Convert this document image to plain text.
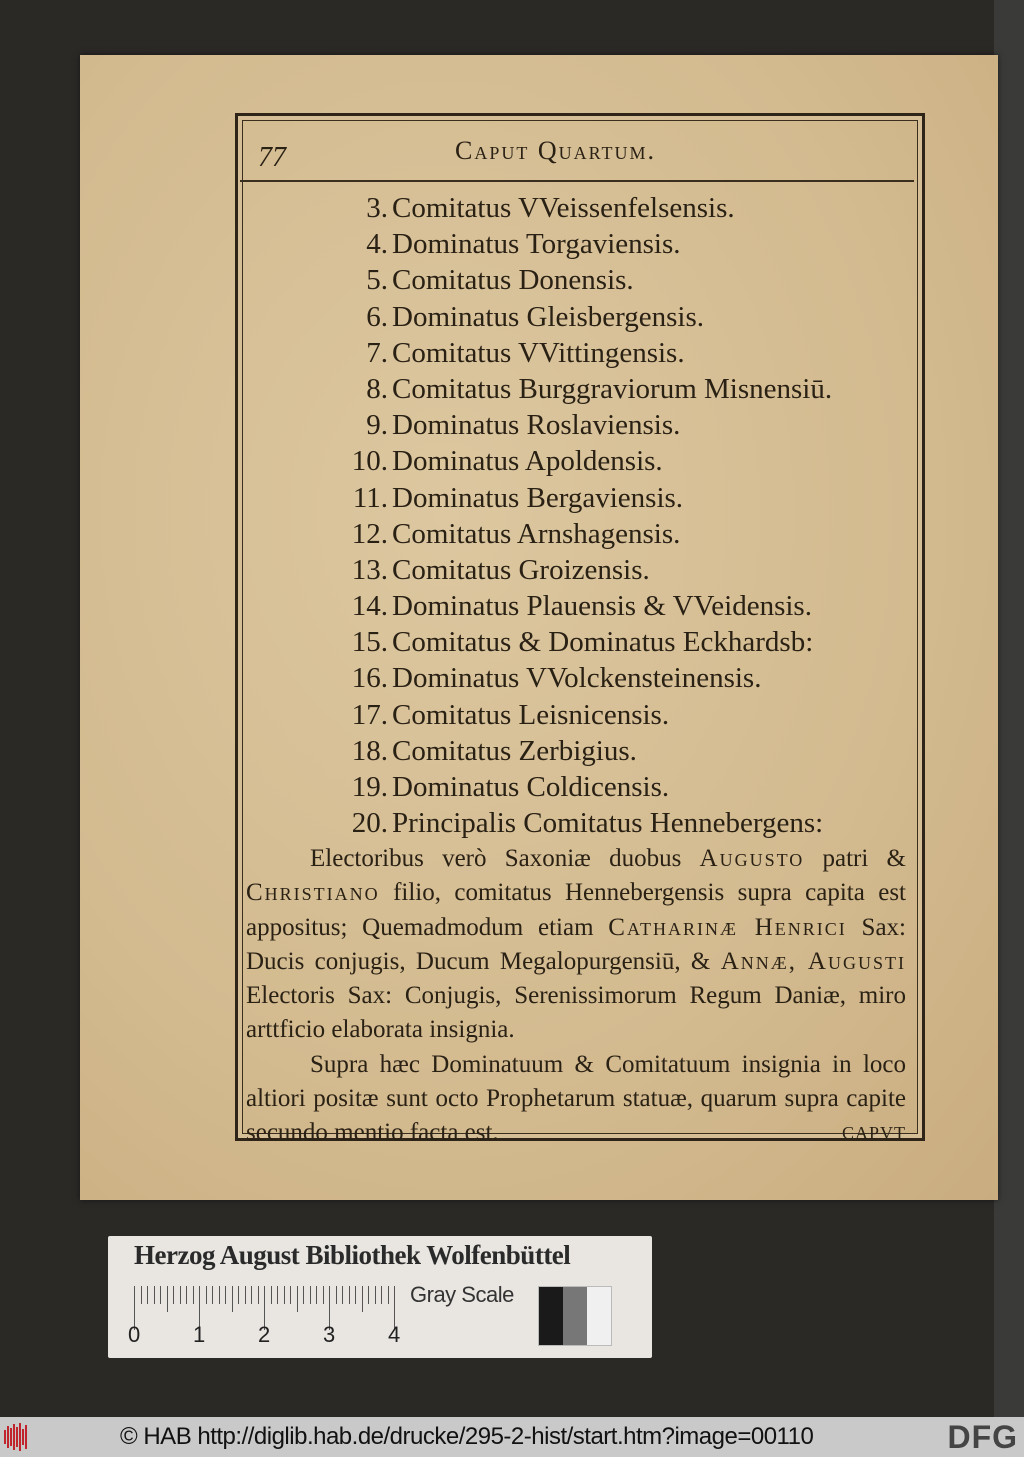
77	Caput Quartum.
3. Comitatus VVeissenfelsensis.
4. Dominatus Torgaviensis.
5. Comitatus Donensis.
6. Dominatus Gleisbergensis.
7. Comitatus VVittingensis.
8. Comitatus Burggraviorum Misnensiū.
9. Dominatus Roslaviensis.
10. Dominatus Apoldensis.
11. Dominatus Bergaviensis.
12. Comitatus Arnshagensis.
13. Comitatus Groizensis.
14. Dominatus Plauensis & VVeidensis.
15. Comitatus & Dominatus Eckhardsb:
16. Dominatus VVolckensteinensis.
17. Comitatus Leisnicensis.
18. Comitatus Zerbigius.
19. Dominatus Coldicensis.
20. Principalis Comitatus Hennebergens:

Electoribus verò Saxoniæ duobus Augusto patri & Christiano filio, comitatus Hennebergensis supra capita est appositus; Quemadmodum etiam Catharinæ Henrici Sax: Ducis conjugis, Ducum Megalopurgensiū, & Annæ, Augusti Electoris Sax: Conjugis, Serenissimorum Regum Daniæ, miro arttficio elaborata insignia.

Supra hæc Dominatuum & Comitatuum insignia in loco altiori positæ sunt octo Prophetarum statuæ, quarum supra capite secundo mentio facta est.	CAPVT

Herzog August Bibliothek Wolfenbüttel
0 1 2 3 4
Gray Scale
© HAB http://diglib.hab.de/drucke/295-2-hist/start.htm?image=00110	DFG
